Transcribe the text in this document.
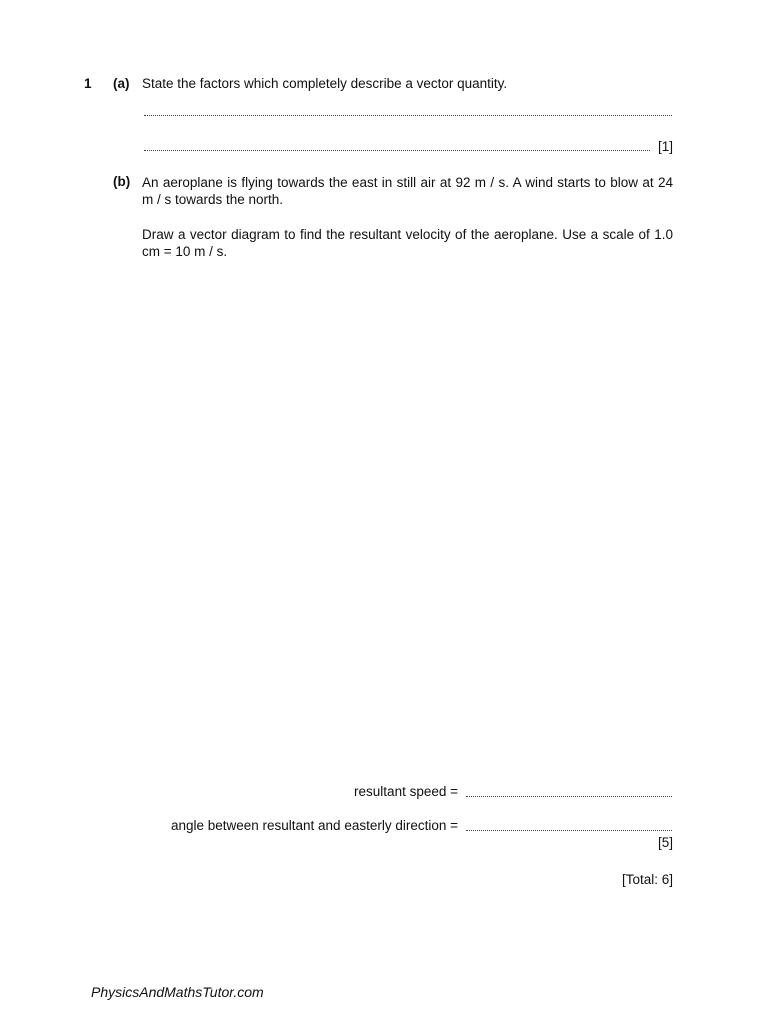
1 (a) State the factors which completely describe a vector quantity.
[1]
(b) An aeroplane is flying towards the east in still air at 92 m / s. A wind starts to blow at 24 m / s towards the north.
Draw a vector diagram to find the resultant velocity of the aeroplane. Use a scale of 1.0 cm = 10 m / s.
resultant speed =
angle between resultant and easterly direction =
[5]
[Total: 6]
PhysicsAndMathsTutor.com
